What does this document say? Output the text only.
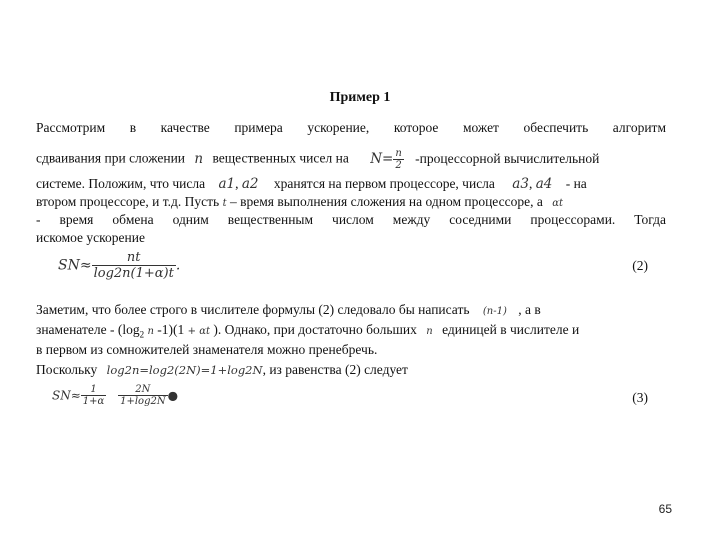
Пример 1
Рассмотрим в качестве примера ускорение, которое может обеспечить алгоритм
сдваивания при сложении n вещественных чисел на $N= \frac{n}{2}$ -процессорной вычислительной
системе. Положим, что числа a1, a2 хранятся на первом процессоре, числа a3, a4 - на
втором процессоре, и т.д. Пусть t – время выполнения сложения на одном процессоре, а αt
- время обмена одним вещественным числом между соседними процессорами. Тогда
искомое ускорение
$SN\approx \frac{nt}{\log 2n(1+\alpha)t}$ .	(2)
Заметим, что более строго в числителе формулы (2) следовало бы написать (n-1) , а в
знаменателе - ($\log_2$ n -1)(1 + αt ). Однако, при достаточно больших n единицей в числителе и
в первом из сомножителей знаменателя можно пренебречь.
Поскольку log2n=log2(2N)=1+log2N, из равенства (2) следует
$SN\approx \frac{1}{1+\alpha}$
$\frac{2N}{1+\log 2N}$ ●	(3)
65
